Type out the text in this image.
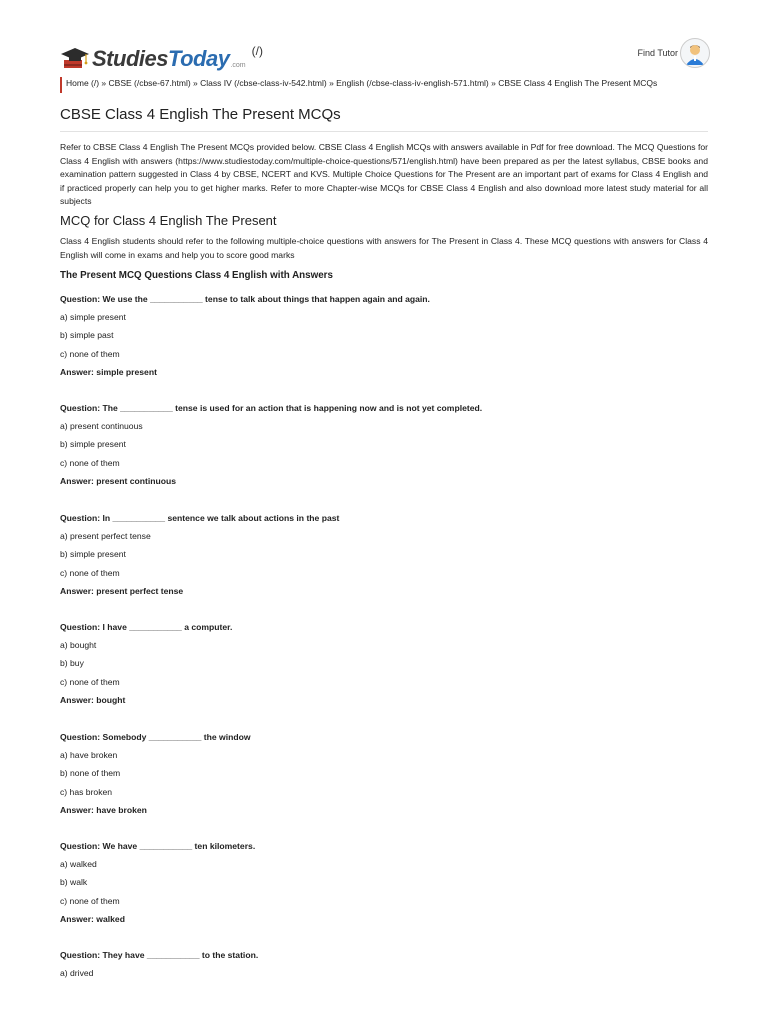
StudiesToday .com
(/)	Find Tutor
Home (/) » CBSE (/cbse-67.html) » Class IV (/cbse-class-iv-542.html) » English (/cbse-class-iv-english-571.html) » CBSE Class 4 English The Present MCQs
CBSE Class 4 English The Present MCQs

Refer to CBSE Class 4 English The Present MCQs provided below. CBSE Class 4 English MCQs with answers available in Pdf for free download. The MCQ Questions for Class 4 English with answers (https://www.studiestoday.com/multiple-choice-questions/571/english.html) have been prepared as per the latest syllabus, CBSE books and examination pattern suggested in Class 4 by CBSE, NCERT and KVS. Multiple Choice Questions for The Present are an important part of exams for Class 4 English and if practiced properly can help you to get higher marks. Refer to more Chapter-wise MCQs for CBSE Class 4 English and also download more latest study material for all subjects

MCQ for Class 4 English The Present

Class 4 English students should refer to the following multiple-choice questions with answers for The Present in Class 4. These MCQ questions with answers for Class 4 English will come in exams and help you to score good marks

The Present MCQ Questions Class 4 English with Answers
Question: We use the ___________ tense to talk about things that happen again and again.
a) simple present
b) simple past
c) none of them
Answer: simple present
Question: The ___________ tense is used for an action that is happening now and is not yet completed.
a) present continuous
b) simple present
c) none of them
Answer: present continuous
Question: In ___________ sentence we talk about actions in the past
a) present perfect tense
b) simple present
c) none of them
Answer: present perfect tense
Question: I have ___________ a computer.
a) bought
b) buy
c) none of them
Answer: bought
Question: Somebody ___________ the window
a) have broken
b) none of them
c) has broken
Answer: have broken
Question: We have ___________ ten kilometers.
a) walked
b) walk
c) none of them
Answer: walked
Question: They have ___________ to the station.
a) drived
